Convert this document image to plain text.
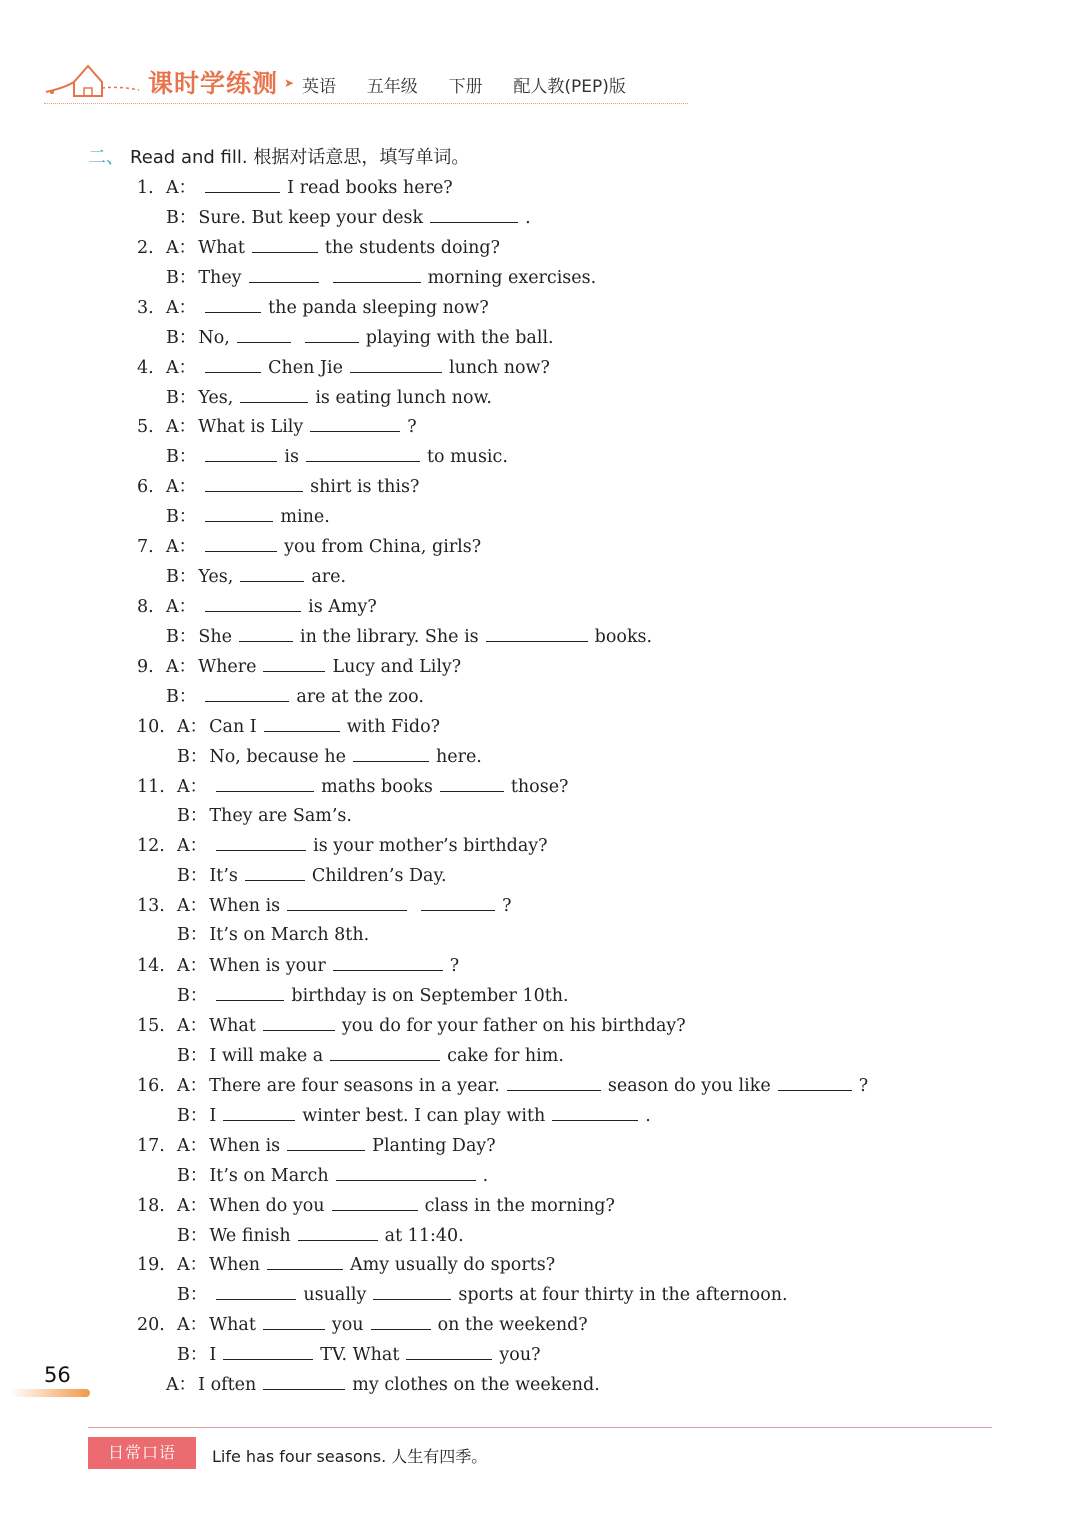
课时学练测 ➤ 英语  五年级  下册  配人教(PEP)版
二、 Read and fill. 根据对话意思，填写单词。
1. A：	I read books here?
B： Sure. But keep your desk	.
2. A： What	the students doing?
B： They	morning exercises.
3. A：	the panda sleeping now?
B： No,	playing with the ball.
4. A：	Chen Jie	lunch now?
B： Yes,	is eating lunch now.
5. A： What is Lily	?
B：	is	to music.
6. A：	shirt is this?
B：	mine.
7. A：	you from China, girls?
B： Yes,	are.
8. A：	is Amy?
B： She	in the library. She is	books.
9. A： Where	Lucy and Lily?
B：	are at the zoo.
10. A： Can I	with Fido?
B： No, because he	here.
11. A：	maths books	those?
B： They are Sam’s.
12. A：	is your mother’s birthday?
B： It’s	Children’s Day.
13. A： When is	?
B： It’s on March 8th.
14. A： When is your	?
B：	birthday is on September 10th.
15. A： What	you do for your father on his birthday?
B： I will make a	cake for him.
16. A： There are four seasons in a year.	season do you like	?
B： I	winter best. I can play with	.
17. A： When is	Planting Day?
B： It’s on March	.
18. A： When do you	class in the morning?
B： We finish	at 11:40.
19. A： When	Amy usually do sports?
B：	usually	sports at four thirty in the afternoon.
20. A： What	you	on the weekend?
B： I	TV. What	you?
A： I often	my clothes on the weekend.
56
日常口语	Life has four seasons. 人生有四季。
